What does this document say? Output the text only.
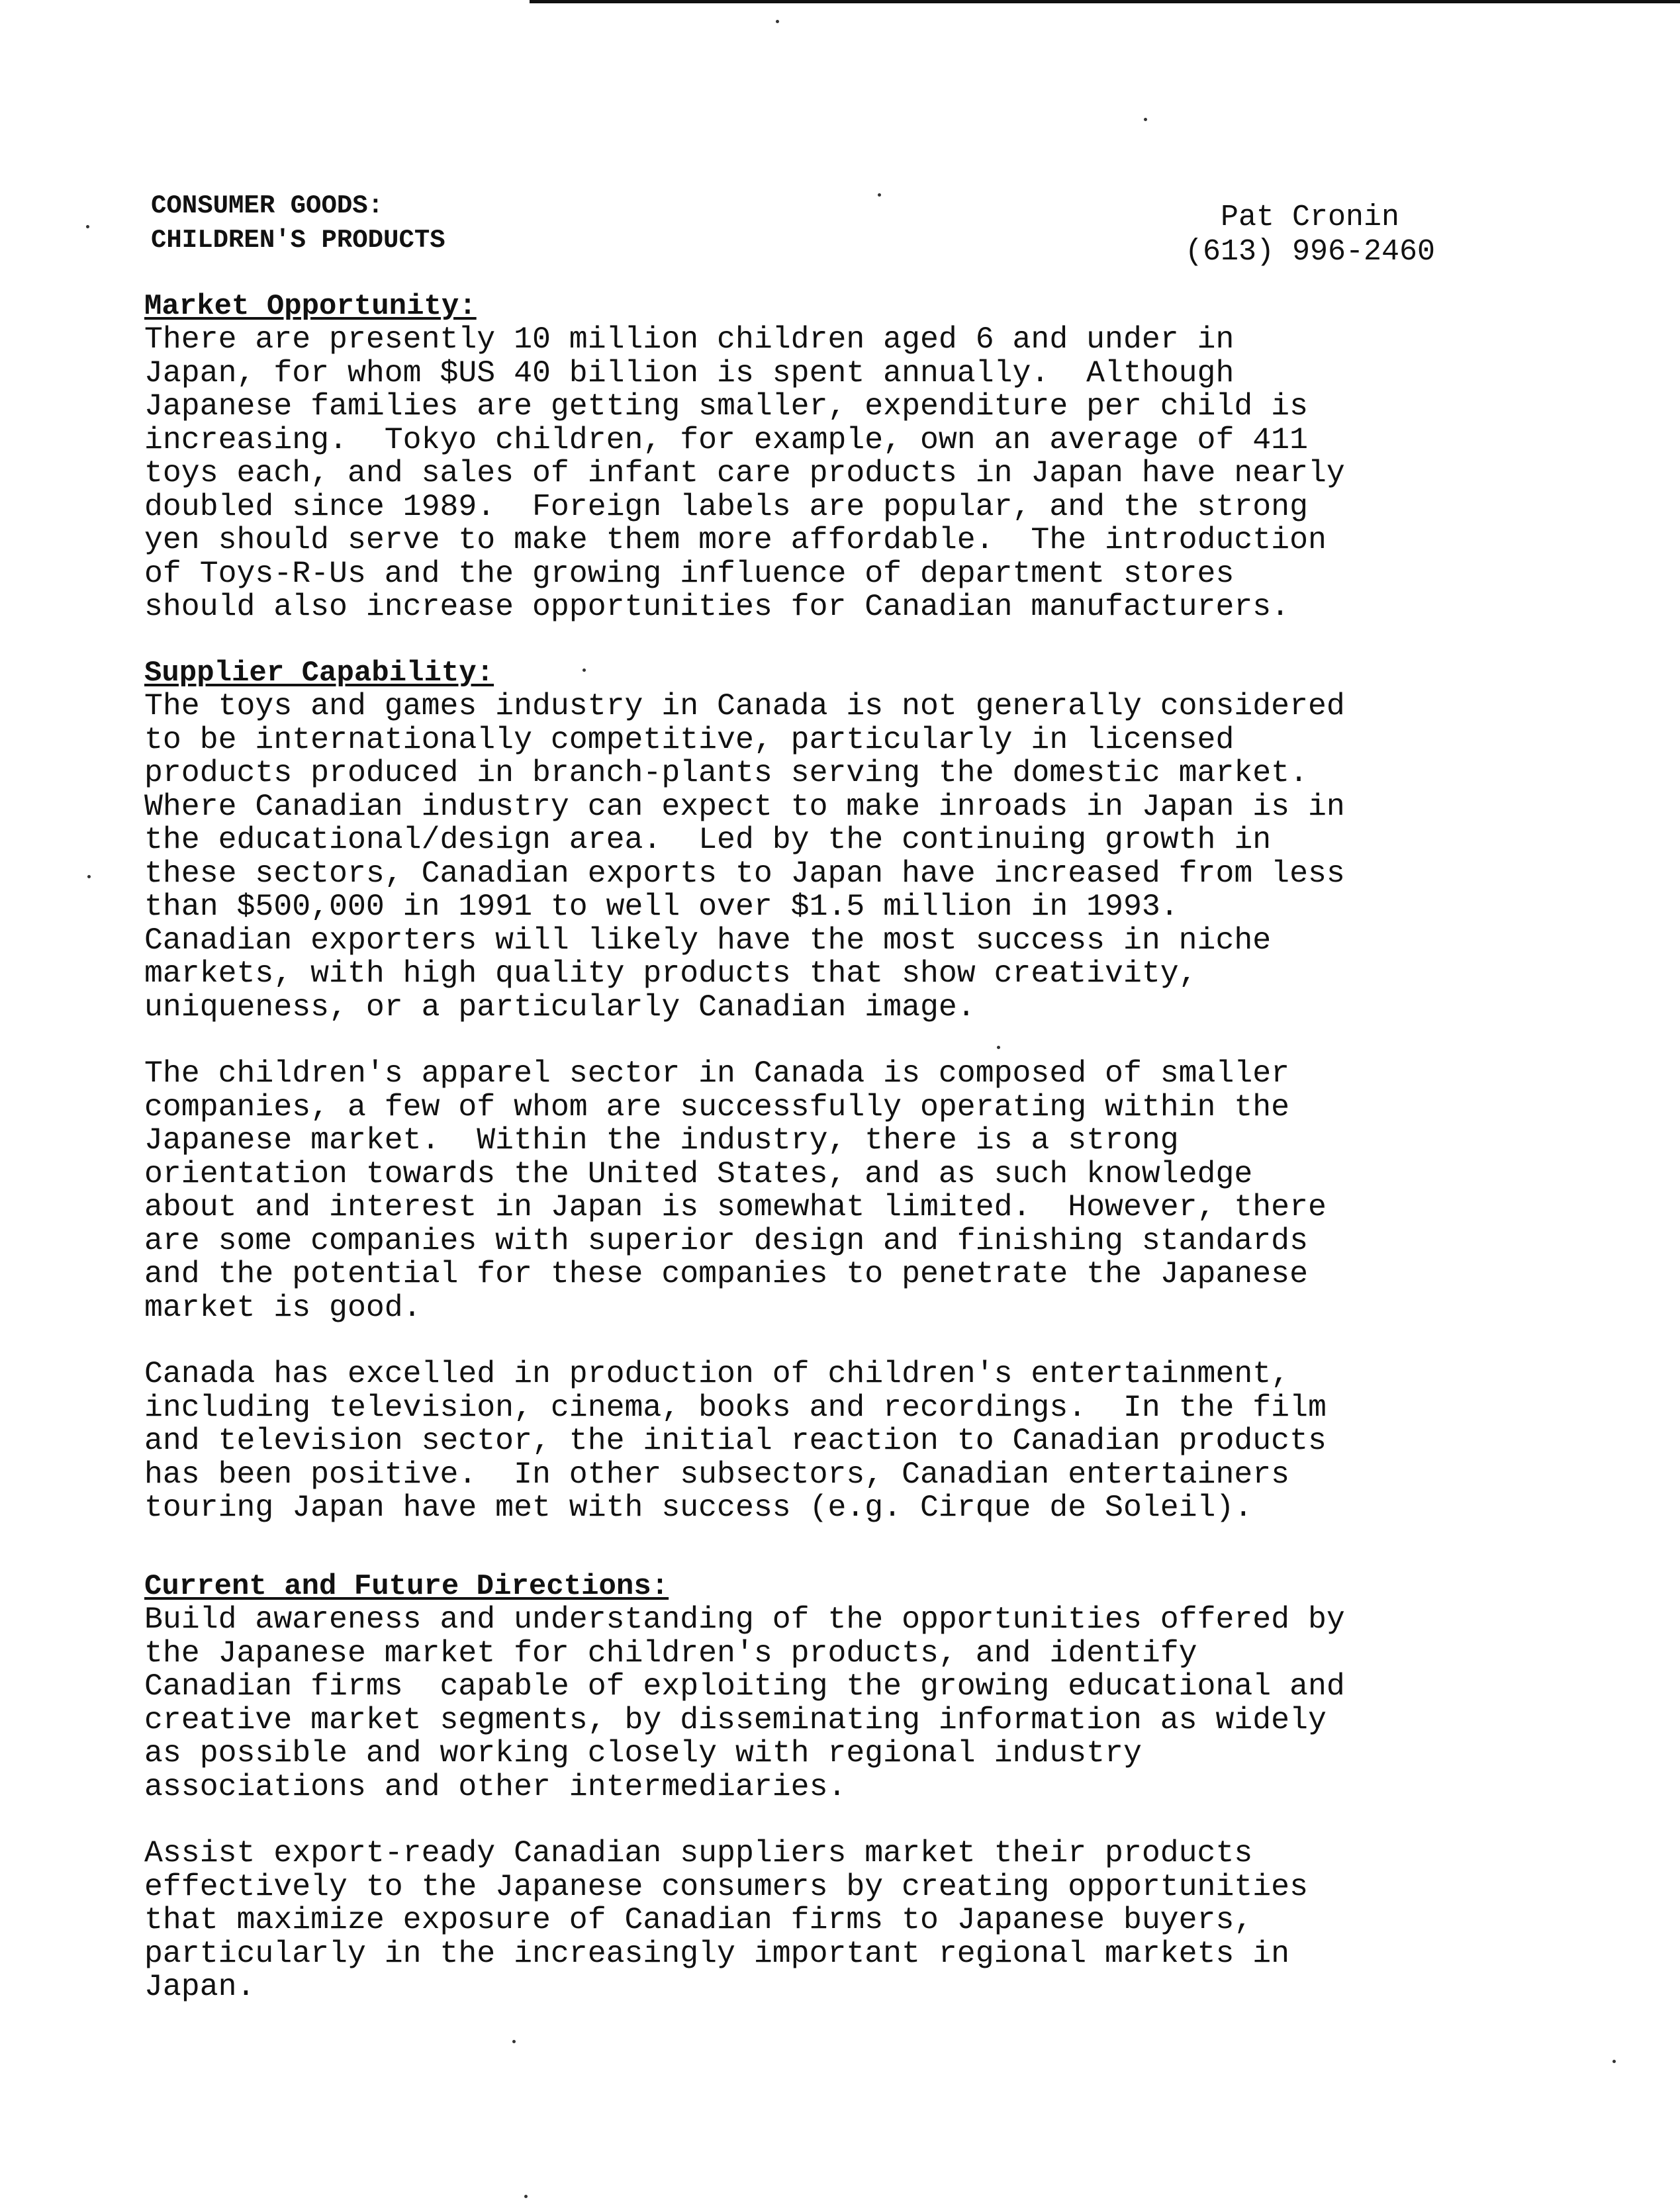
CONSUMER GOODS:
CHILDREN'S PRODUCTS
Pat Cronin
(613) 996-2460
Market Opportunity:

There are presently 10 million children aged 6 and under in
Japan, for whom $US 40 billion is spent annually.  Although
Japanese families are getting smaller, expenditure per child is
increasing.  Tokyo children, for example, own an average of 411
toys each, and sales of infant care products in Japan have nearly
doubled since 1989.  Foreign labels are popular, and the strong
yen should serve to make them more affordable.  The introduction
of Toys-R-Us and the growing influence of department stores
should also increase opportunities for Canadian manufacturers.

Supplier Capability:

The toys and games industry in Canada is not generally considered
to be internationally competitive, particularly in licensed
products produced in branch-plants serving the domestic market.
Where Canadian industry can expect to make inroads in Japan is in
the educational/design area.  Led by the continuing growth in
these sectors, Canadian exports to Japan have increased from less
than $500,000 in 1991 to well over $1.5 million in 1993.
Canadian exporters will likely have the most success in niche
markets, with high quality products that show creativity,
uniqueness, or a particularly Canadian image.

The children's apparel sector in Canada is composed of smaller
companies, a few of whom are successfully operating within the
Japanese market.  Within the industry, there is a strong
orientation towards the United States, and as such knowledge
about and interest in Japan is somewhat limited.  However, there
are some companies with superior design and finishing standards
and the potential for these companies to penetrate the Japanese
market is good.

Canada has excelled in production of children's entertainment,
including television, cinema, books and recordings.  In the film
and television sector, the initial reaction to Canadian products
has been positive.  In other subsectors, Canadian entertainers
touring Japan have met with success (e.g. Cirque de Soleil).

Current and Future Directions:

Build awareness and understanding of the opportunities offered by
the Japanese market for children's products, and identify
Canadian firms  capable of exploiting the growing educational and
creative market segments, by disseminating information as widely
as possible and working closely with regional industry
associations and other intermediaries.

Assist export-ready Canadian suppliers market their products
effectively to the Japanese consumers by creating opportunities
that maximize exposure of Canadian firms to Japanese buyers,
particularly in the increasingly important regional markets in
Japan.
